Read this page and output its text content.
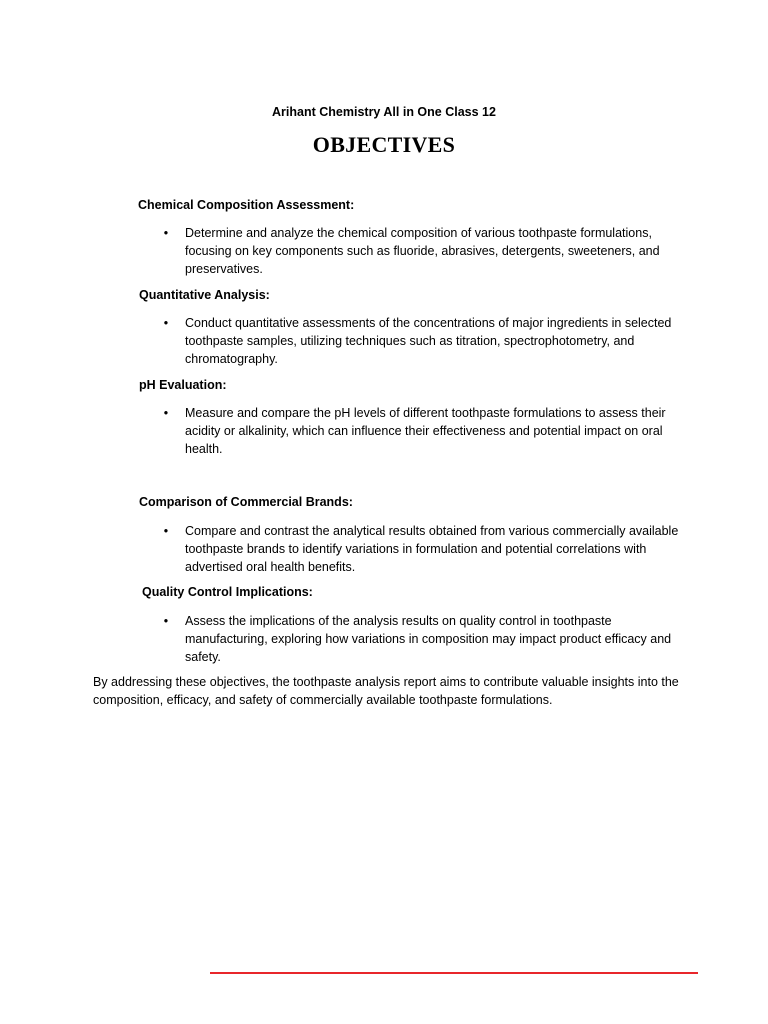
Arihant Chemistry All in One Class 12
OBJECTIVES
Chemical Composition Assessment:
•	Determine and analyze the chemical composition of various toothpaste formulations, focusing on key components such as fluoride, abrasives, detergents, sweeteners, and preservatives.
Quantitative Analysis:
•	Conduct quantitative assessments of the concentrations of major ingredients in selected toothpaste samples, utilizing techniques such as titration, spectrophotometry, and chromatography.
pH Evaluation:
•	Measure and compare the pH levels of different toothpaste formulations to assess their acidity or alkalinity, which can influence their effectiveness and potential impact on oral health.
Comparison of Commercial Brands:
•	Compare and contrast the analytical results obtained from various commercially available toothpaste brands to identify variations in formulation and potential correlations with advertised oral health benefits.
Quality Control Implications:
•	Assess the implications of the analysis results on quality control in toothpaste manufacturing, exploring how variations in composition may impact product efficacy and safety.
By addressing these objectives, the toothpaste analysis report aims to contribute valuable insights into the composition, efficacy, and safety of commercially available toothpaste formulations.
